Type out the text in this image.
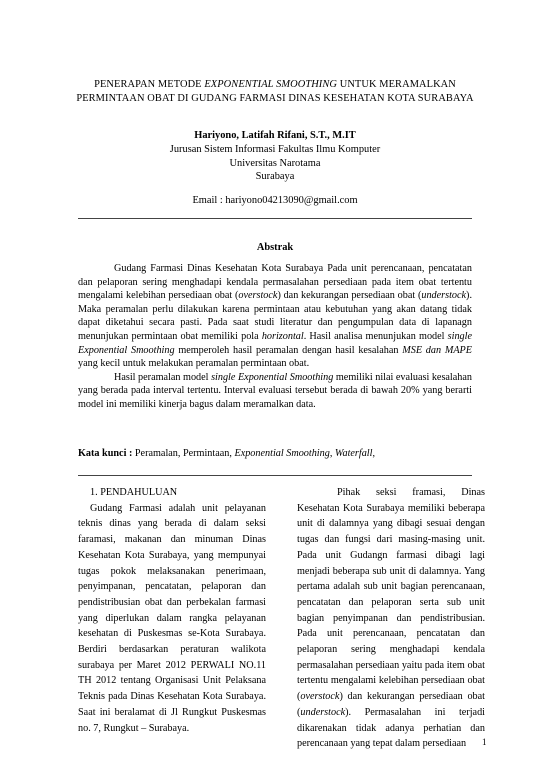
PENERAPAN METODE EXPONENTIAL SMOOTHING UNTUK MERAMALKAN PERMINTAAN OBAT DI GUDANG FARMASI DINAS KESEHATAN KOTA SURABAYA
Hariyono, Latifah Rifani, S.T., M.IT
Jurusan Sistem Informasi Fakultas Ilmu Komputer
Universitas Narotama
Surabaya
Email : hariyono04213090@gmail.com
Abstrak

Gudang Farmasi Dinas Kesehatan Kota Surabaya Pada unit perencanaan, pencatatan dan pelaporan sering menghadapi kendala permasalahan persediaan pada item obat tertentu mengalami kelebihan persediaan obat (overstock) dan kekurangan persediaan obat (understock). Maka peramalan perlu dilakukan karena permintaan atau kebutuhan yang akan datang tidak dapat diketahui secara pasti. Pada saat studi literatur dan pengumpulan data di lapanagn menunjukan permintaan obat memiliki pola horizontal. Hasil analisa menunjukan model single Exponential Smoothing memperoleh hasil peramalan dengan hasil kesalahan MSE dan MAPE yang kecil untuk melakukan peramalan permintaan obat.

Hasil peramalan model single Exponential Smoothing memiliki nilai evaluasi kesalahan yang berada pada interval tertentu. Interval evaluasi tersebut berada di bawah 20% yang berarti model ini memiliki kinerja bagus dalam meramalkan data.

Kata kunci : Peramalan, Permintaan, Exponential Smoothing, Waterfall,

1. PENDAHULUAN

Gudang Farmasi adalah unit pelayanan teknis dinas yang berada di dalam seksi faramasi, makanan dan minuman Dinas Kesehatan Kota Surabaya, yang mempunyai tugas pokok melaksanakan penerimaan, penyimpanan, pencatatan, pelaporan dan pendistribusian obat dan perbekalan farmasi yang diperlukan dalam rangka pelayanan kesehatan di Puskesmas se-Kota Surabaya. Berdiri berdasarkan peraturan walikota surabaya per Maret 2012 PERWALI NO.11 TH 2012 tentang Organisasi Unit Pelaksana Teknis pada Dinas Kesehatan Kota Surabaya. Saat ini beralamat di Jl Rungkut Puskesmas no. 7, Rungkut – Surabaya.

Pihak seksi framasi, Dinas Kesehatan Kota Surabaya memiliki beberapa unit di dalamnya yang dibagi sesuai dengan tugas dan fungsi dari masing-masing unit. Pada unit Gudangn farmasi dibagi lagi menjadi beberapa sub unit di dalamnya. Yang pertama adalah sub unit bagian perencanaan, pencatatan dan pelaporan serta sub unit bagian penyimpanan dan pendistribusian. Pada unit perencanaan, pencatatan dan pelaporan sering menghadapi kendala permasalahan persediaan yaitu pada item obat tertentu mengalami kelebihan persediaan obat (overstock) dan kekurangan persediaan obat (understock). Permasalahan ini terjadi dikarenakan tidak adanya perhatian dan perencanaan yang tepat dalam persediaan	1
